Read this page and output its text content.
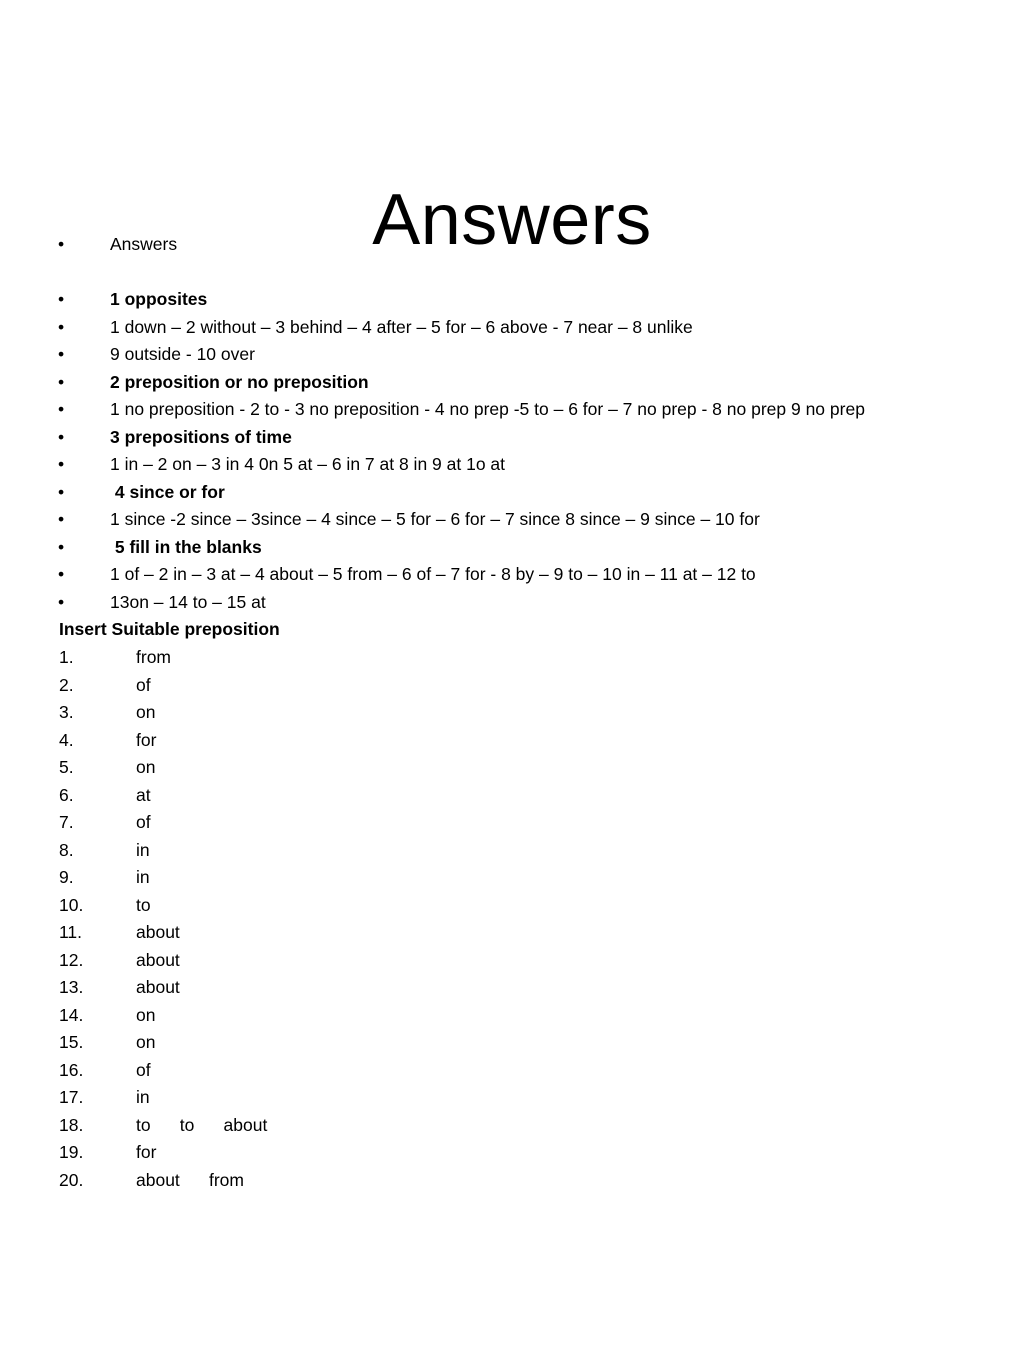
Answers
•	Answers
•	1 opposites
•	1 down – 2 without – 3 behind – 4 after – 5 for – 6 above - 7 near – 8 unlike
•	9 outside - 10 over
•	2 preposition or no preposition
•	1 no preposition - 2 to - 3 no preposition - 4 no prep -5 to – 6 for – 7 no prep - 8 no prep 9 no prep
•	3 prepositions of time
•	1 in – 2 on – 3 in 4 0n 5 at – 6 in 7 at 8 in 9 at 1o at
•	4 since or for
•	1 since -2 since – 3since – 4 since – 5 for – 6 for – 7 since 8 since – 9 since – 10 for
•	5 fill in the blanks
•	1 of – 2 in – 3 at – 4 about – 5 from – 6 of – 7 for - 8 by – 9 to – 10 in – 11 at – 12 to
•	13on – 14 to – 15 at
Insert Suitable preposition
1.	from
2.	of
3.	on
4.	for
5.	on
6.	at
7.	of
8.	in
9.	in
10.	to
11.	about
12.	about
13.	about
14.	on
15.	on
16.	of
17.	in
18.	to      to      about
19.	for
20.	about      from
